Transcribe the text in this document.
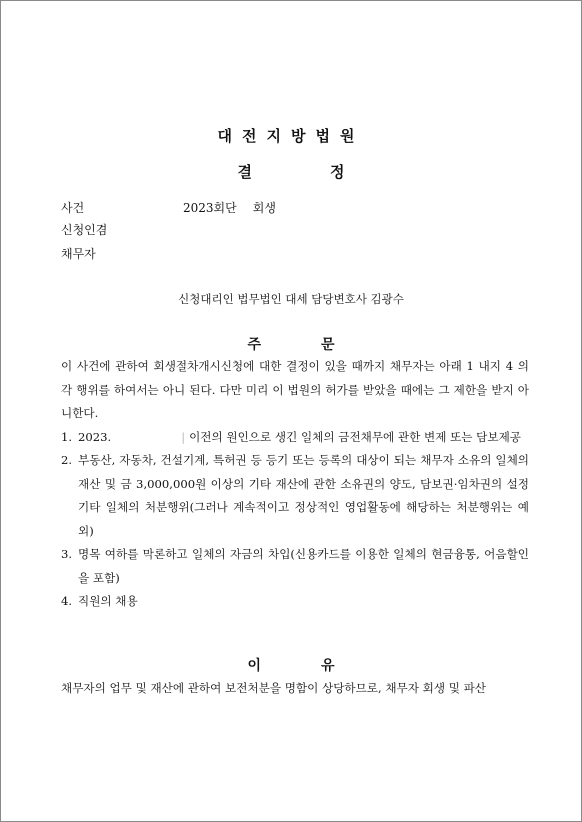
대전지방법원
결	정
사건	2023회단 회생
신청인겸
채무자
신청대리인 법무법인 대세 담당변호사 김광수
주	문

이 사건에 관하여 회생절차개시신청에 대한 결정이 있을 때까지 채무자는 아래 1 내지 4 의 각 행위를 하여서는 아니 된다. 다만 미리 이 법원의 허가를 받았을 때에는 그 제한을 받지 아니한다.

1. 2023.	| 이전의 원인으로 생긴 일체의 금전채무에 관한 변제 또는 담보제공
2. 부동산, 자동차, 건설기계, 특허권 등 등기 또는 등록의 대상이 되는 채무자 소유의 일체의 재산 및 금 3,000,000원 이상의 기타 재산에 관한 소유권의 양도, 담보권·임차권의 설정 기타 일체의 처분행위(그러나 계속적이고 정상적인 영업활동에 해당하는 처분행위는 예외)
3. 명목 여하를 막론하고 일체의 자금의 차입(신용카드를 이용한 일체의 현금융통, 어음할인을 포함)
4. 직원의 채용
이	유

채무자의 업무 및 재산에 관하여 보전처분을 명함이 상당하므로, 채무자 회생 및 파산
